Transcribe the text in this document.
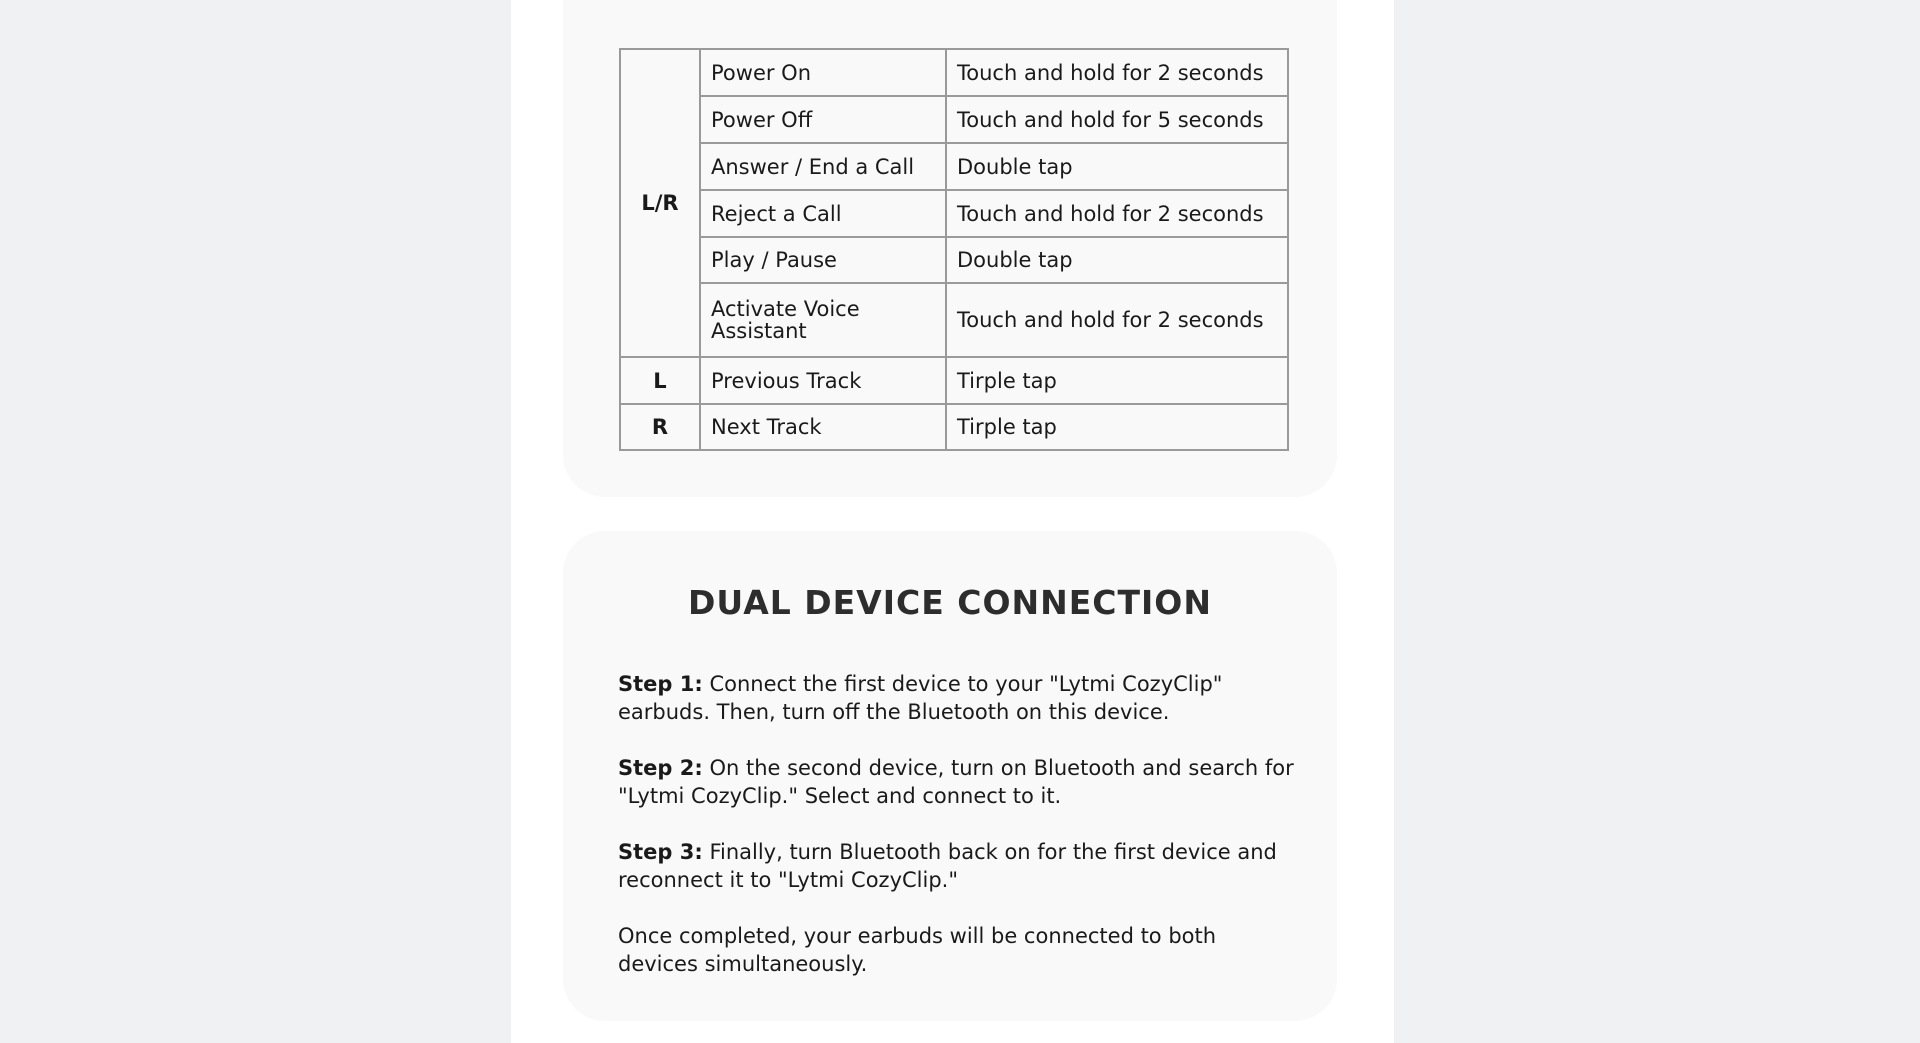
L/R	Power On	Touch and hold for 2 seconds
	Power Off	Touch and hold for 5 seconds
	Answer / End a Call	Double tap
	Reject a Call	Touch and hold for 2 seconds
	Play / Pause	Double tap
	Activate Voice Assistant	Touch and hold for 2 seconds
L	Previous Track	Tirple tap
R	Next Track	Tirple tap
DUAL DEVICE CONNECTION

Step 1: Connect the first device to your "Lytmi CozyClip" earbuds. Then, turn off the Bluetooth on this device.

Step 2: On the second device, turn on Bluetooth and search for "Lytmi CozyClip." Select and connect to it.

Step 3: Finally, turn Bluetooth back on for the first device and reconnect it to "Lytmi CozyClip."

Once completed, your earbuds will be connected to both devices simultaneously.
